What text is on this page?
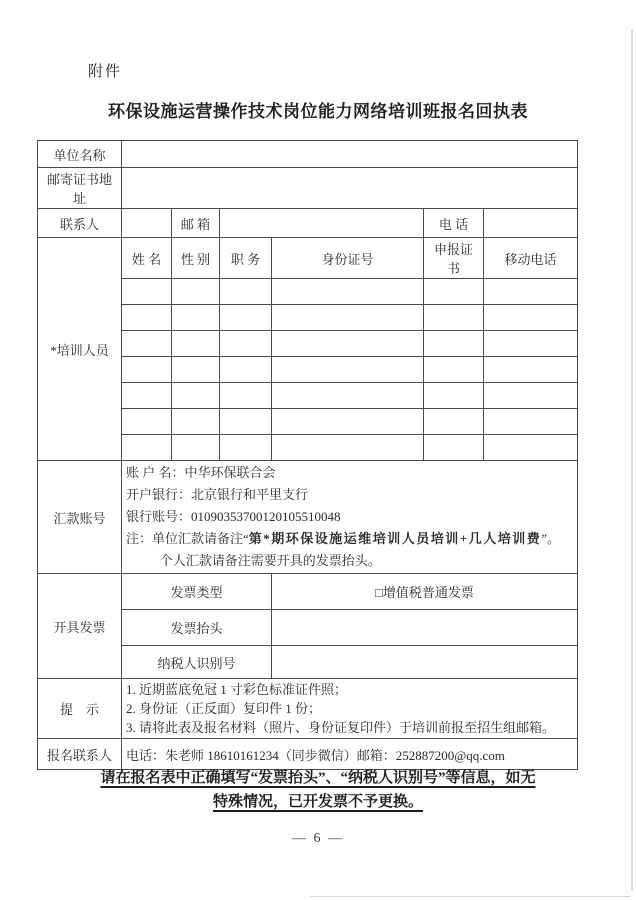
附件
环保设施运营操作技术岗位能力网络培训班报名回执表
单位名称						
邮寄证书地址						
联系人		邮 箱			电 话	
*培训人员	姓 名	性 别	职 务	身份证号	申报证书	移动电话

汇款账号	账 户 名：中华环保联合会
开户银行：北京银行和平里支行
银行账号：01090353700120105510048
注：单位汇款请备注“第*期环保设施运维培训人员培训+几人培训费”。
个人汇款请备注需要开具的发票抬头。					

开具发票	发票类型			□增值税普通发票		
	发票抬头					
	纳税人识别号					
提　示	1. 近期蓝底免冠 1 寸彩色标准证件照；
2. 身份证（正反面）复印件 1 份；
3. 请将此表及报名材料（照片、身份证复印件）于培训前报至招生组邮箱。					

报名联系人	电话：朱老师 18610161234（同步微信）邮箱：252887200@qq.com					
请在报名表中正确填写“发票抬头”、“纳税人识别号”等信息，如无
特殊情况，已开发票不予更换。
— 6 —
